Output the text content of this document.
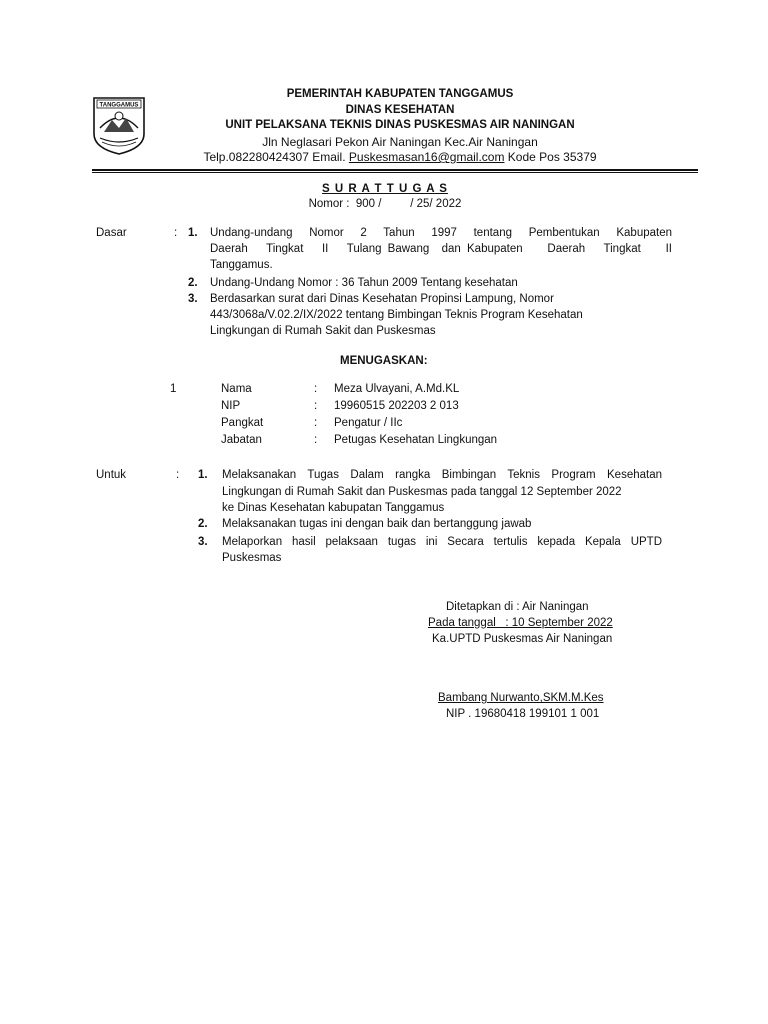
TANGGAMUS
PEMERINTAH KABUPATEN TANGGAMUS
DINAS KESEHATAN
UNIT PELAKSANA TEKNIS DINAS PUSKESMAS AIR NANINGAN
Jln Neglasari Pekon Air Naningan Kec.Air Naningan
Telp.082280424307 Email. Puskesmasan16@gmail.com Kode Pos 35379
S U R A T T U G A S
Nomor :  900 /         / 25/ 2022
Dasar	: 1. Undang-undang Nomor 2 Tahun 1997 tentang Pembentukan Kabupaten
Daerah   Tingkat   II   Tulang Bawang  dan Kabupaten    Daerah   Tingkat    II
Tanggamus.
2. Undang-Undang Nomor : 36 Tahun 2009 Tentang kesehatan
3. Berdasarkan surat dari Dinas Kesehatan Propinsi Lampung, Nomor
443/3068a/V.02.2/IX/2022 tentang Bimbingan Teknis Program Kesehatan
Lingkungan di Rumah Sakit dan Puskesmas
MENUGASKAN:
1	Nama	: Meza Ulvayani, A.Md.KL
NIP	: 19960515 202203 2 013
Pangkat	: Pengatur / IIc
Jabatan	: Petugas Kesehatan Lingkungan
Untuk	: 1. Melaksanakan Tugas Dalam rangka Bimbingan Teknis Program Kesehatan
Lingkungan di Rumah Sakit dan Puskesmas pada tanggal 12 September 2022
ke Dinas Kesehatan kabupatan Tanggamus
2. Melaksanakan tugas ini dengan baik dan bertanggung jawab
3. Melaporkan hasil pelaksaan tugas ini Secara tertulis kepada Kepala UPTD
Puskesmas
Ditetapkan di : Air Naningan
Pada tanggal   : 10 September 2022
Ka.UPTD Puskesmas Air Naningan
Bambang Nurwanto,SKM.M.Kes
NIP . 19680418 199101 1 001
